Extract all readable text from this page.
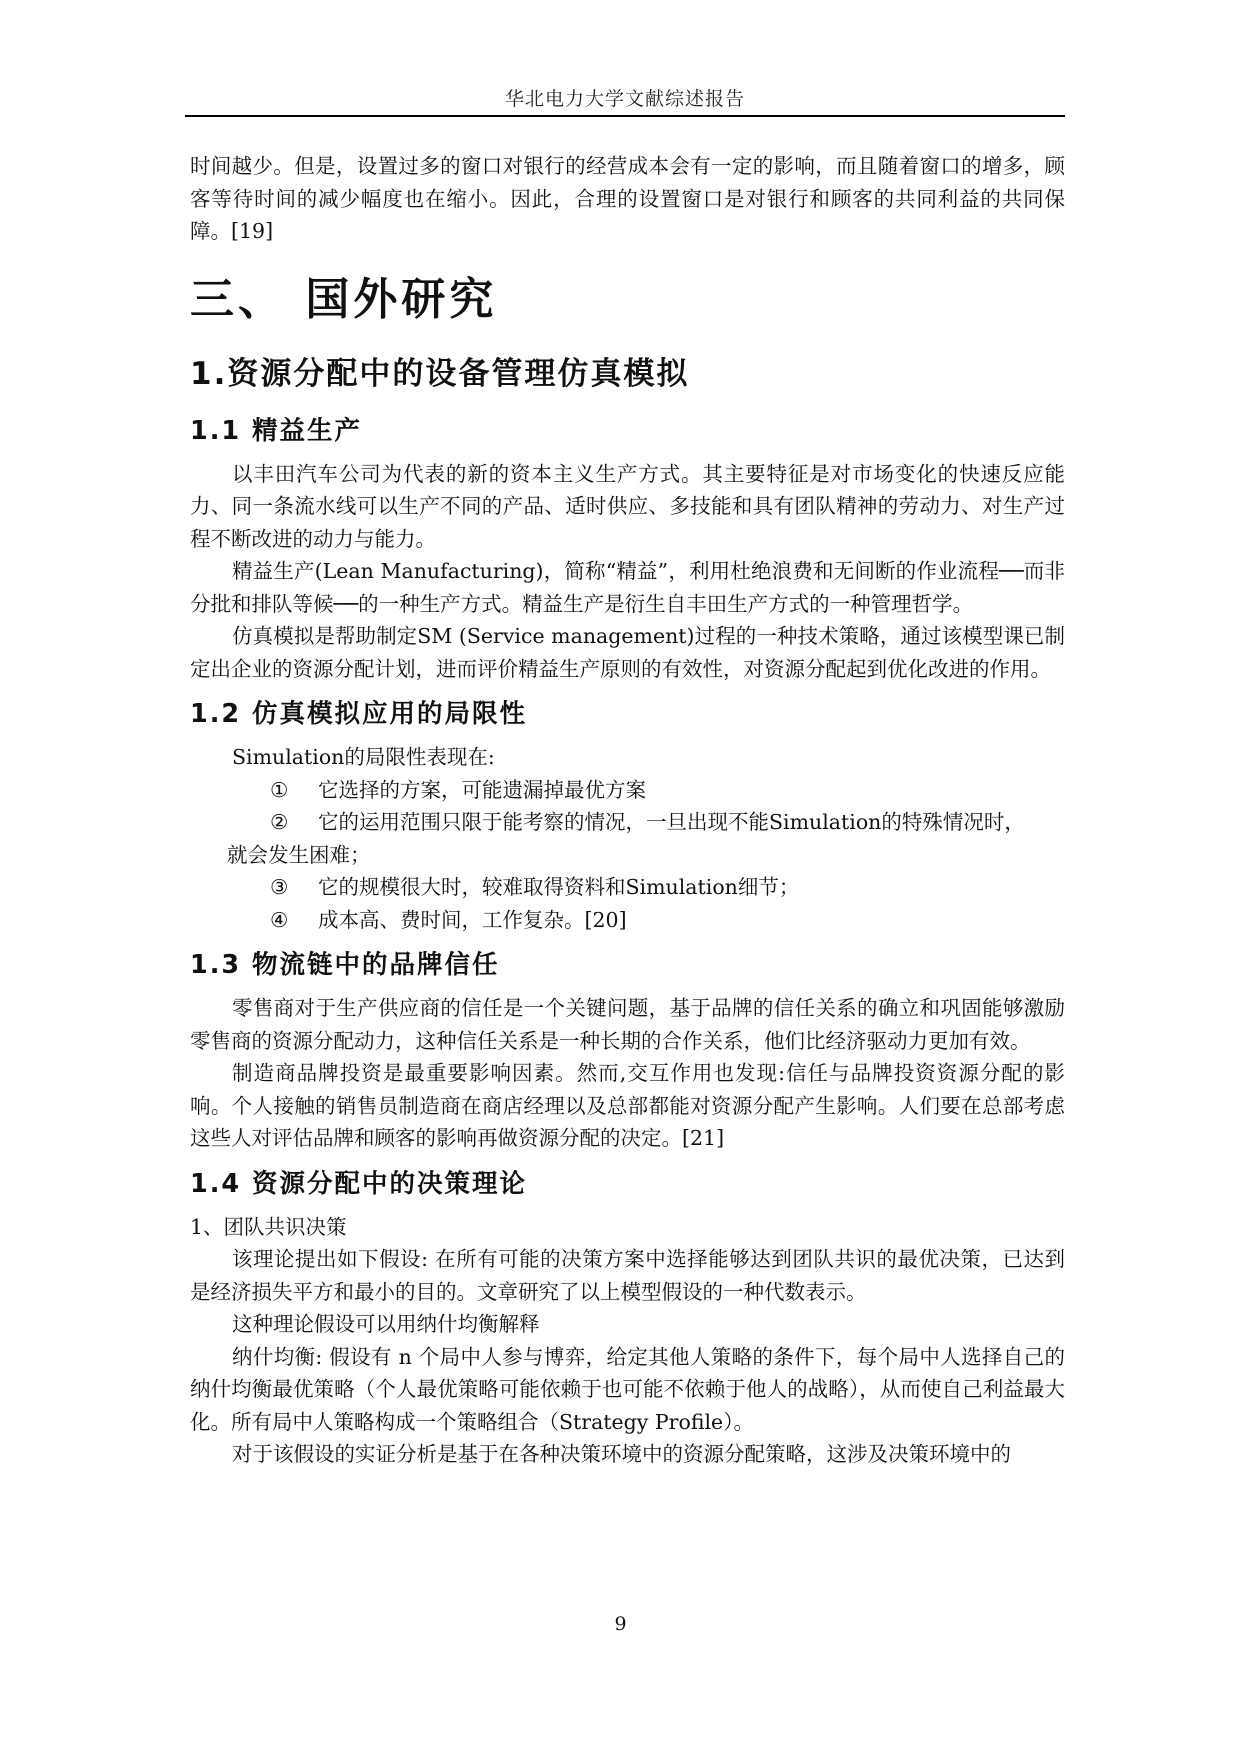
华北电力大学文献综述报告

时间越少。但是，设置过多的窗口对银行的经营成本会有一定的影响，而且随着窗口的增多，顾客等待时间的减少幅度也在缩小。因此，合理的设置窗口是对银行和顾客的共同利益的共同保障。[19]

三、 国外研究
1.资源分配中的设备管理仿真模拟
1.1 精益生产

以丰田汽车公司为代表的新的资本主义生产方式。其主要特征是对市场变化的快速反应能力、同一条流水线可以生产不同的产品、适时供应、多技能和具有团队精神的劳动力、对生产过程不断改进的动力与能力。

精益生产(Lean Manufacturing)，简称“精益”，利用杜绝浪费和无间断的作业流程──而非分批和排队等候──的一种生产方式。精益生产是衍生自丰田生产方式的一种管理哲学。

仿真模拟是帮助制定SM (Service management)过程的一种技术策略，通过该模型课已制定出企业的资源分配计划，进而评价精益生产原则的有效性，对资源分配起到优化改进的作用。

1.2 仿真模拟应用的局限性

Simulation的局限性表现在:

①	它选择的方案，可能遗漏掉最优方案
②	它的运用范围只限于能考察的情况，一旦出现不能Simulation的特殊情况时，
就会发生困难；
③	它的规模很大时，较难取得资料和Simulation细节；
④	成本高、费时间，工作复杂。[20]
1.3 物流链中的品牌信任

零售商对于生产供应商的信任是一个关键问题，基于品牌的信任关系的确立和巩固能够激励零售商的资源分配动力，这种信任关系是一种长期的合作关系，他们比经济驱动力更加有效。

制造商品牌投资是最重要影响因素。然而,交互作用也发现:信任与品牌投资资源分配的影响。个人接触的销售员制造商在商店经理以及总部都能对资源分配产生影响。人们要在总部考虑这些人对评估品牌和顾客的影响再做资源分配的决定。[21]

1.4 资源分配中的决策理论
1、团队共识决策

该理论提出如下假设: 在所有可能的决策方案中选择能够达到团队共识的最优决策，已达到是经济损失平方和最小的目的。文章研究了以上模型假设的一种代数表示。

这种理论假设可以用纳什均衡解释

纳什均衡: 假设有 n 个局中人参与博弈，给定其他人策略的条件下，每个局中人选择自己的　纳什均衡最优策略（个人最优策略可能依赖于也可能不依赖于他人的战略），从而使自己利益最大化。所有局中人策略构成一个策略组合（Strategy Profile）。

对于该假设的实证分析是基于在各种决策环境中的资源分配策略，这涉及决策环境中的

9
